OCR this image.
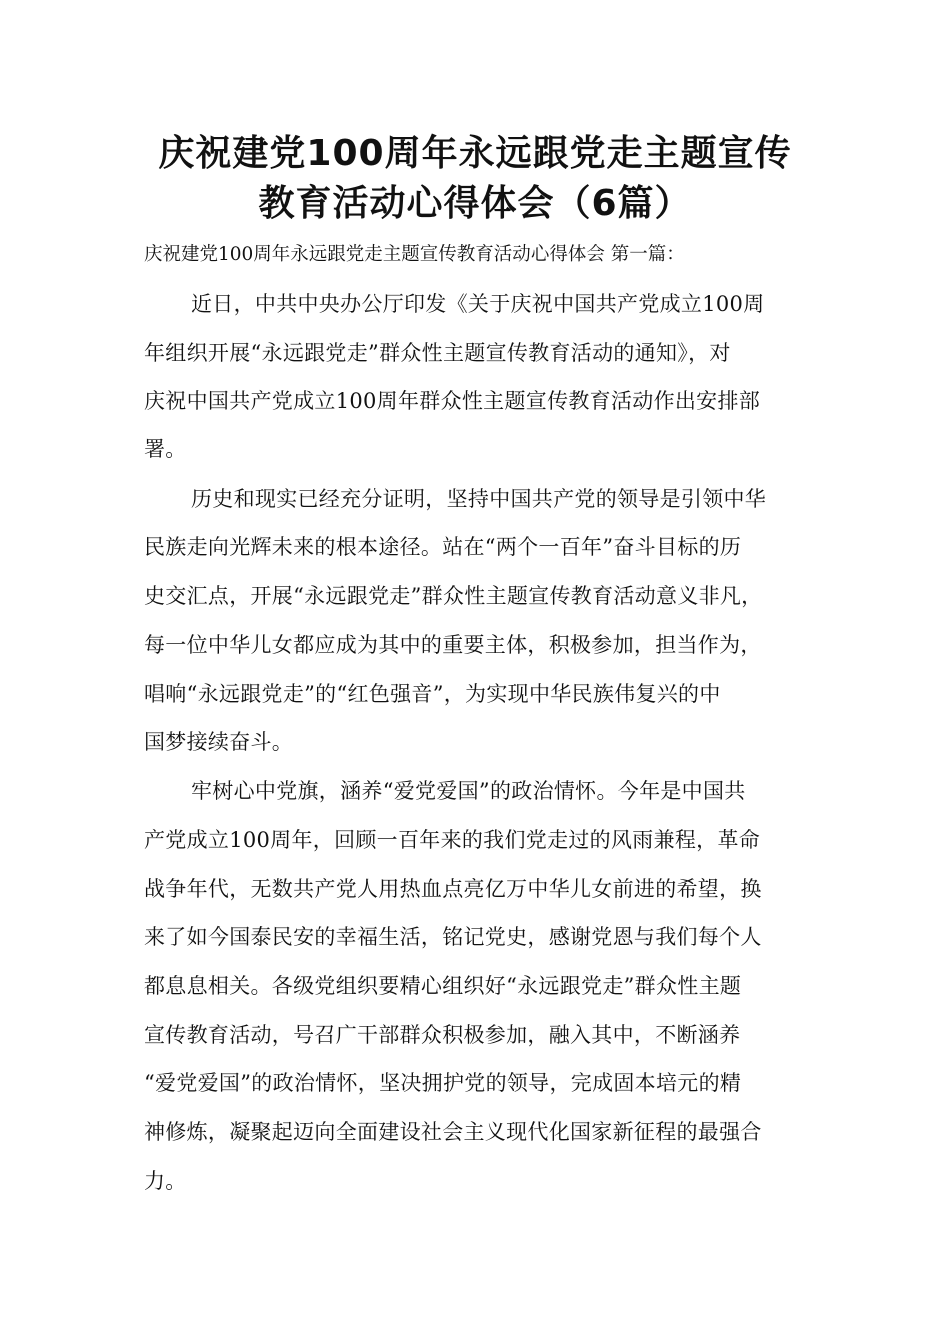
庆祝建党100周年永远跟党走主题宣传
教育活动心得体会（6篇）
庆祝建党100周年永远跟党走主题宣传教育活动心得体会 第一篇：
近日，中共中央办公厅印发《关于庆祝中国共产党成立100周
年组织开展“永远跟党走”群众性主题宣传教育活动的通知》，对
庆祝中国共产党成立100周年群众性主题宣传教育活动作出安排部
署。
历史和现实已经充分证明，坚持中国共产党的领导是引领中华
民族走向光辉未来的根本途径。站在“两个一百年”奋斗目标的历
史交汇点，开展“永远跟党走”群众性主题宣传教育活动意义非凡，
每一位中华儿女都应成为其中的重要主体，积极参加，担当作为，
唱响“永远跟党走”的“红色强音”，为实现中华民族伟复兴的中
国梦接续奋斗。
牢树心中党旗，涵养“爱党爱国”的政治情怀。今年是中国共
产党成立100周年，回顾一百年来的我们党走过的风雨兼程，革命
战争年代，无数共产党人用热血点亮亿万中华儿女前进的希望，换
来了如今国泰民安的幸福生活，铭记党史，感谢党恩与我们每个人
都息息相关。各级党组织要精心组织好“永远跟党走”群众性主题
宣传教育活动，号召广干部群众积极参加，融入其中，不断涵养
“爱党爱国”的政治情怀，坚决拥护党的领导，完成固本培元的精
神修炼，凝聚起迈向全面建设社会主义现代化国家新征程的最强合
力。
